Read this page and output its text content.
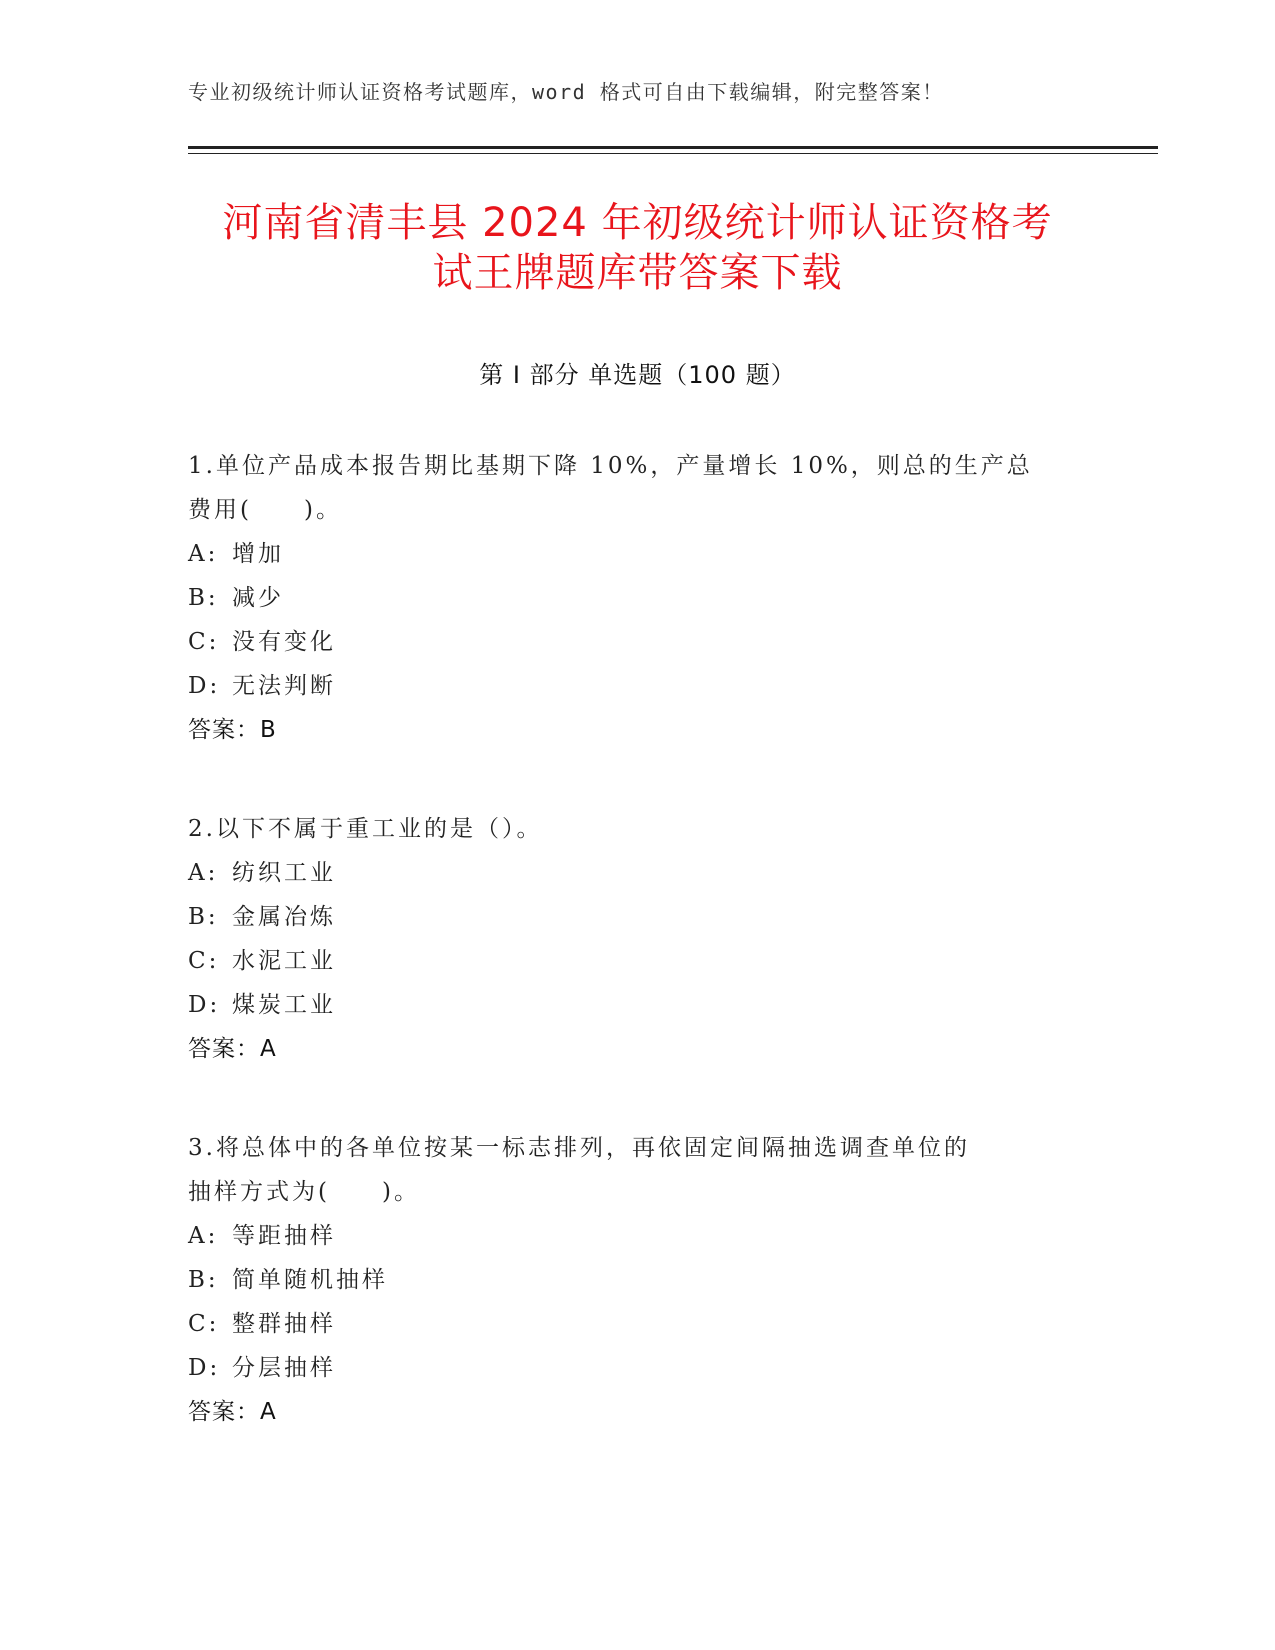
专业初级统计师认证资格考试题库，word 格式可自由下载编辑，附完整答案！
河南省清丰县 2024 年初级统计师认证资格考
试王牌题库带答案下载
第 I 部分 单选题（100 题）
1.单位产品成本报告期比基期下降 10%，产量增长 10%，则总的生产总
费用(　　)。
A: 增加
B: 减少
C: 没有变化
D: 无法判断
答案：B
2.以下不属于重工业的是（）。
A: 纺织工业
B: 金属冶炼
C: 水泥工业
D: 煤炭工业
答案：A
3.将总体中的各单位按某一标志排列，再依固定间隔抽选调查单位的
抽样方式为(　　)。
A: 等距抽样
B: 简单随机抽样
C: 整群抽样
D: 分层抽样
答案：A
